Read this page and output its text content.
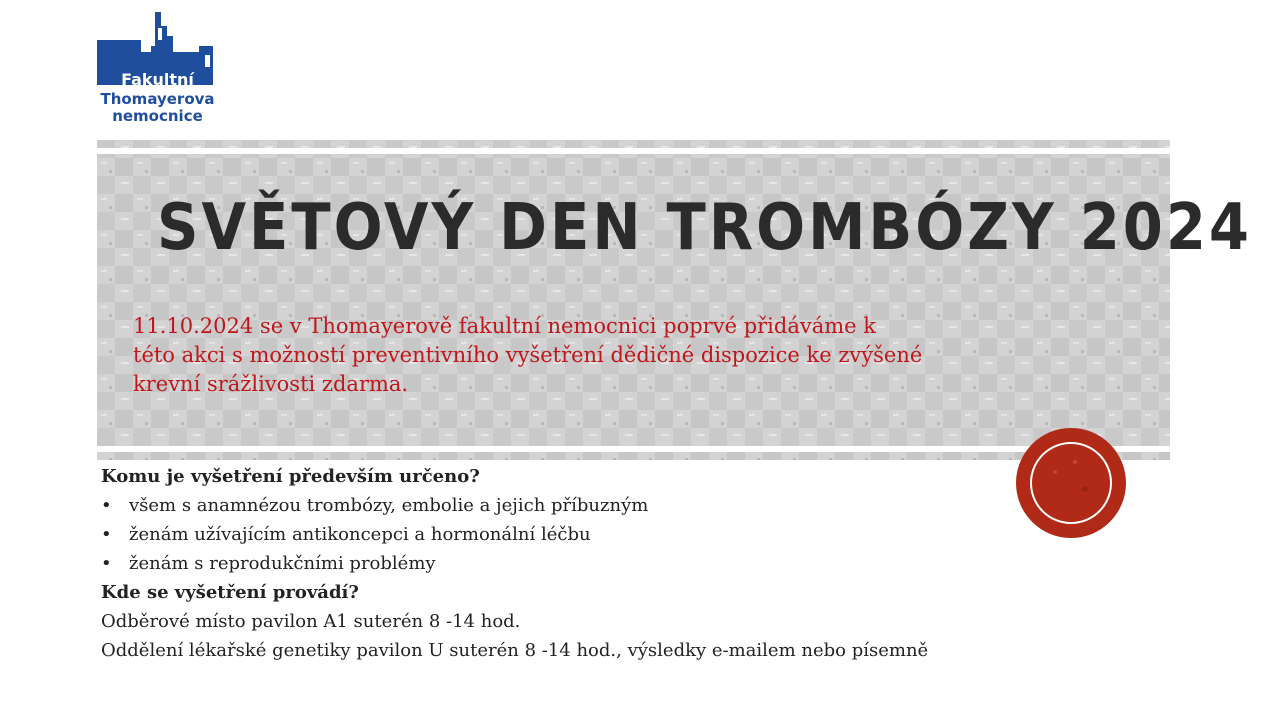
Fakultní
Thomayerova
nemocnice
SVĚTOVÝ DEN TROMBÓZY 2024

11.10.2024 se v Thomayerově fakultní nemocnici poprvé přidáváme k této akci s možností preventivního vyšetření dědičné dispozice ke zvýšené krevní srážlivosti zdarma.

Komu je vyšetření především určeno?

• všem s anamnézou trombózy, embolie a jejich příbuzným
• ženám užívajícím antikoncepci a hormonální léčbu
• ženám s reprodukčními problémy

Kde se vyšetření provádí?

Odběrové místo pavilon A1 suterén 8 -14 hod.

Oddělení lékařské genetiky pavilon U suterén 8 -14 hod., výsledky e-mailem nebo písemně
